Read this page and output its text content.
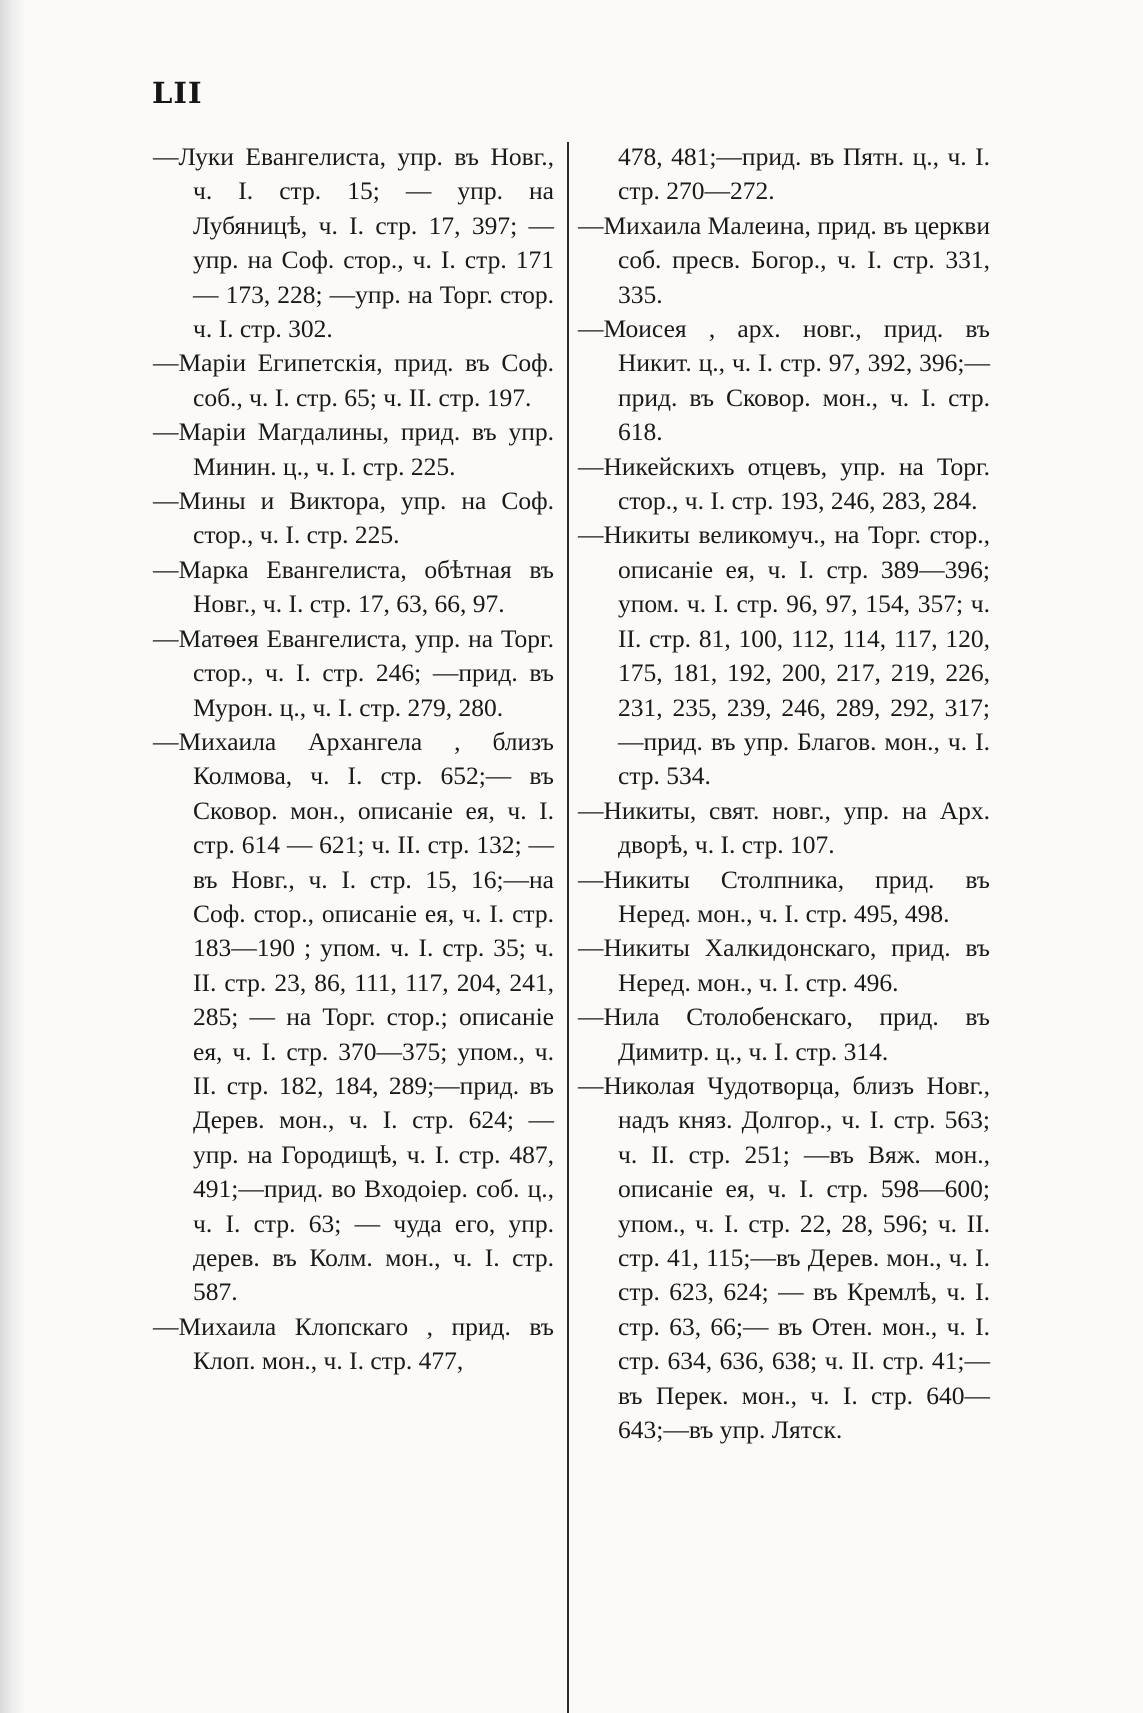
LII
—Луки Евангелиста, упр. въ Новг., ч. І. стр. 15; — упр. на Лубяницѣ, ч. І. стр. 17, 397; — упр. на Соф. стор., ч. І. стр. 171 — 173, 228; —упр. на Торг. стор. ч. І. стр. 302.
—Маріи Египетскія, прид. въ Соф. соб., ч. І. стр. 65; ч. II. стр. 197.
—Маріи Магдалины, прид. въ упр. Минин. ц., ч. І. стр. 225.
—Мины и Виктора, упр. на Соф. стор., ч. І. стр. 225.
—Марка Евангелиста, обѣтная въ Новг., ч. І. стр. 17, 63, 66, 97.
—Матѳея Евангелиста, упр. на Торг. стор., ч. І. стр. 246; —прид. въ Мурон. ц., ч. І. стр. 279, 280.
—Михаила Архангела , близъ Колмова, ч. І. стр. 652;— въ Сковор. мон., описаніе ея, ч. І. стр. 614 — 621; ч. II. стр. 132; — въ Новг., ч. І. стр. 15, 16;—на Соф. стор., описаніе ея, ч. І. стр. 183—190 ; упом. ч. І. стр. 35; ч. II. стр. 23, 86, 111, 117, 204, 241, 285; — на Торг. стор.; описаніе ея, ч. І. стр. 370—375; упом., ч. II. стр. 182, 184, 289;—прид. въ Дерев. мон., ч. І. стр. 624; — упр. на Городищѣ, ч. І. стр. 487, 491;—прид. во Входоіер. соб. ц., ч. І. стр. 63; — чуда его, упр. дерев. въ Колм. мон., ч. І. стр. 587.
—Михаила Клопскаго , прид. въ Клоп. мон., ч. І. стр. 477,
478, 481;—прид. въ Пятн. ц., ч. І. стр. 270—272.
—Михаила Малеина, прид. въ церкви соб. пресв. Богор., ч. І. стр. 331, 335.
—Моисея , арх. новг., прид. въ Никит. ц., ч. І. стр. 97, 392, 396;—прид. въ Сковор. мон., ч. І. стр. 618.
—Никейскихъ отцевъ, упр. на Торг. стор., ч. І. стр. 193, 246, 283, 284.
—Никиты великомуч., на Торг. стор., описаніе ея, ч. І. стр. 389—396; упом. ч. І. стр. 96, 97, 154, 357; ч. II. стр. 81, 100, 112, 114, 117, 120, 175, 181, 192, 200, 217, 219, 226, 231, 235, 239, 246, 289, 292, 317; —прид. въ упр. Благов. мон., ч. І. стр. 534.
—Никиты, свят. новг., упр. на Арх. дворѣ, ч. І. стр. 107.
—Никиты Столпника, прид. въ Неред. мон., ч. І. стр. 495, 498.
—Никиты Халкидонскаго, прид. въ Неред. мон., ч. І. стр. 496.
—Нила Столобенскаго, прид. въ Димитр. ц., ч. І. стр. 314.
—Николая Чудотворца, близъ Новг., надъ княз. Долгор., ч. І. стр. 563; ч. II. стр. 251; —въ Вяж. мон., описаніе ея, ч. І. стр. 598—600; упом., ч. І. стр. 22, 28, 596; ч. II. стр. 41, 115;—въ Дерев. мон., ч. І. стр. 623, 624; — въ Кремлѣ, ч. І. стр. 63, 66;— въ Отен. мон., ч. І. стр. 634, 636, 638; ч. II. стр. 41;— въ Перек. мон., ч. І. стр. 640—643;—въ упр. Лятск.
